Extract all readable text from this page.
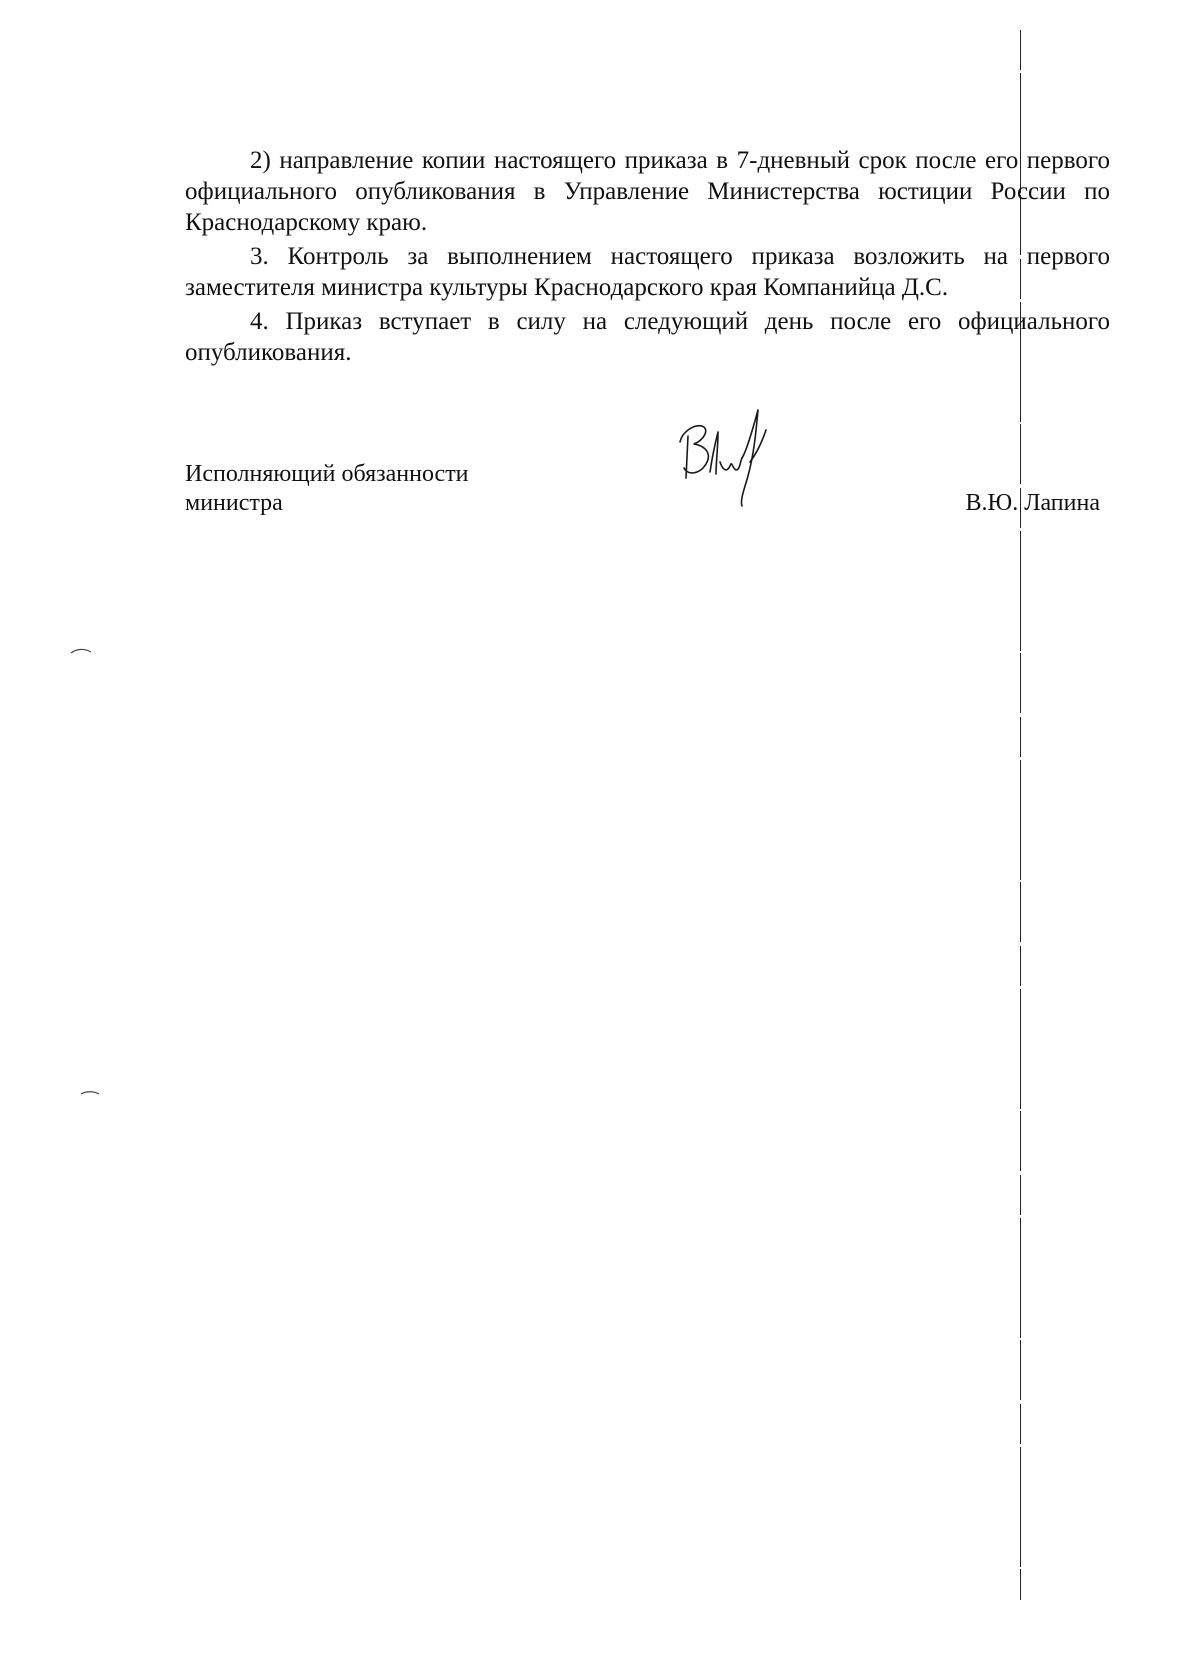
2) направление копии настоящего приказа в 7-дневный срок после его первого официального опубликования в Управление Министерства юстиции России по Краснодарскому краю.

3. Контроль за выполнением настоящего приказа возложить на первого заместителя министра культуры Краснодарского края Компанийца Д.С.

4. Приказ вступает в силу на следующий день после его официального опубликования.

Исполняющий обязанности
министра	В.Ю. Лапина
